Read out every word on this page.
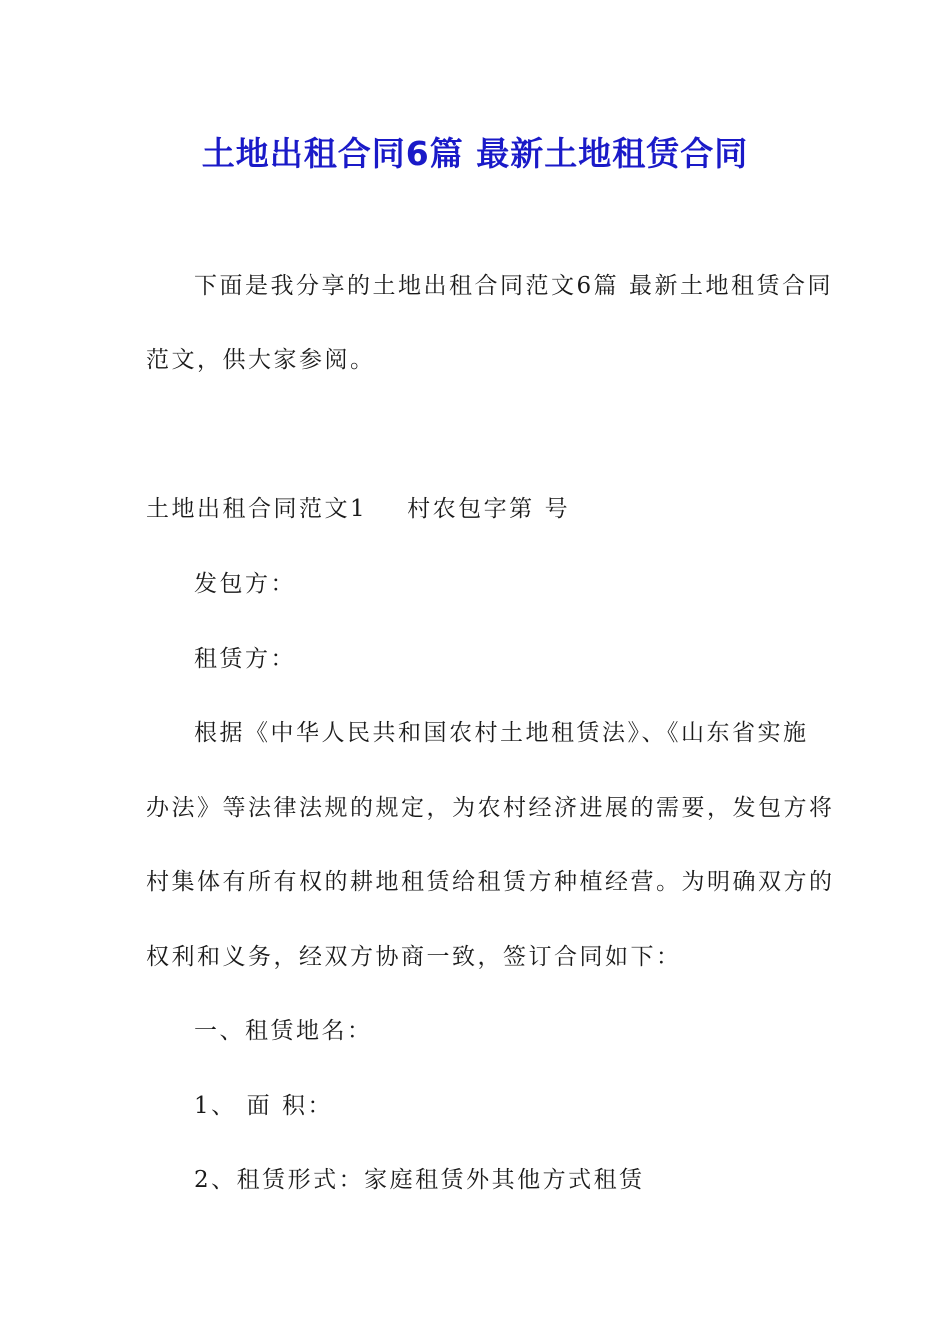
土地出租合同6篇 最新土地租赁合同
下面是我分享的土地出租合同范文6篇 最新土地租赁合同
范文，供大家参阅。
土地出租合同范文1 村农包字第 号
发包方：
租赁方：
根据《中华人民共和国农村土地租赁法》、《山东省实施
办法》等法律法规的规定，为农村经济进展的需要，发包方将
村集体有所有权的耕地租赁给租赁方种植经营。为明确双方的
权利和义务，经双方协商一致，签订合同如下：
一、租赁地名：
1、 面 积：
2、租赁形式：家庭租赁外其他方式租赁
